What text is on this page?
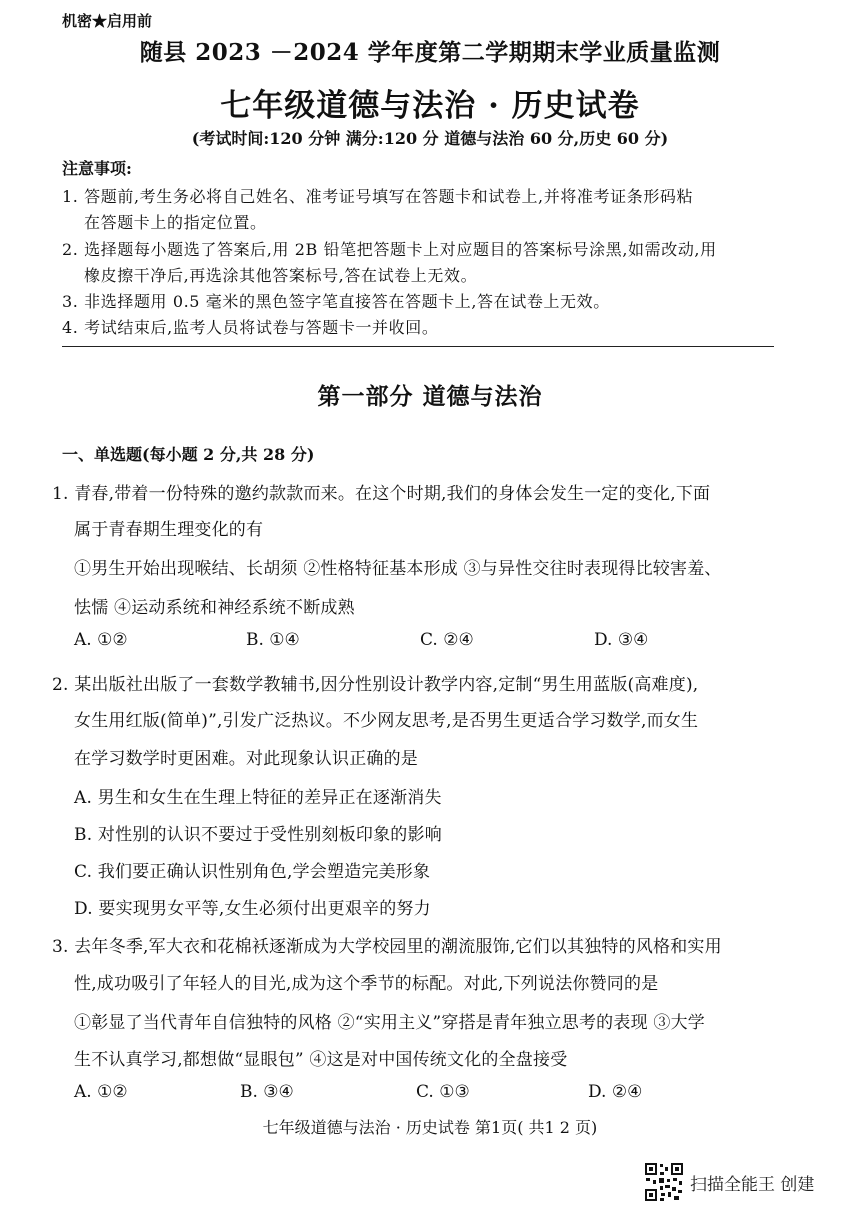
机密★启用前
随县 2023 －2024 学年度第二学期期末学业质量监测
七年级道德与法治 · 历史试卷
(考试时间:120 分钟 满分:120 分 道德与法治 60 分,历史 60 分)
注意事项:
1. 答题前,考生务必将自己姓名、准考证号填写在答题卡和试卷上,并将准考证条形码粘
在答题卡上的指定位置。
2. 选择题每小题选了答案后,用 2B 铅笔把答题卡上对应题目的答案标号涂黑,如需改动,用
橡皮擦干净后,再选涂其他答案标号,答在试卷上无效。
3. 非选择题用 0.5 毫米的黑色签字笔直接答在答题卡上,答在试卷上无效。
4. 考试结束后,监考人员将试卷与答题卡一并收回。
第一部分 道德与法治
一、单选题(每小题 2 分,共 28 分)
1. 青春,带着一份特殊的邀约款款而来。在这个时期,我们的身体会发生一定的变化,下面
属于青春期生理变化的有
①男生开始出现喉结、长胡须 ②性格特征基本形成 ③与异性交往时表现得比较害羞、
怯懦 ④运动系统和神经系统不断成熟
A. ①②	B. ①④	C. ②④	D. ③④
2. 某出版社出版了一套数学教辅书,因分性别设计教学内容,定制“男生用蓝版(高难度),
女生用红版(简单)”,引发广泛热议。不少网友思考,是否男生更适合学习数学,而女生
在学习数学时更困难。对此现象认识正确的是
A. 男生和女生在生理上特征的差异正在逐渐消失
B. 对性别的认识不要过于受性别刻板印象的影响
C. 我们要正确认识性别角色,学会塑造完美形象
D. 要实现男女平等,女生必须付出更艰辛的努力
3. 去年冬季,军大衣和花棉袄逐渐成为大学校园里的潮流服饰,它们以其独特的风格和实用
性,成功吸引了年轻人的目光,成为这个季节的标配。对此,下列说法你赞同的是
①彰显了当代青年自信独特的风格 ②“实用主义”穿搭是青年独立思考的表现 ③大学
生不认真学习,都想做“显眼包” ④这是对中国传统文化的全盘接受
A. ①②	B. ③④	C. ①③	D. ②④
七年级道德与法治 · 历史试卷 第1页( 共1 2 页)
扫描全能王 创建
